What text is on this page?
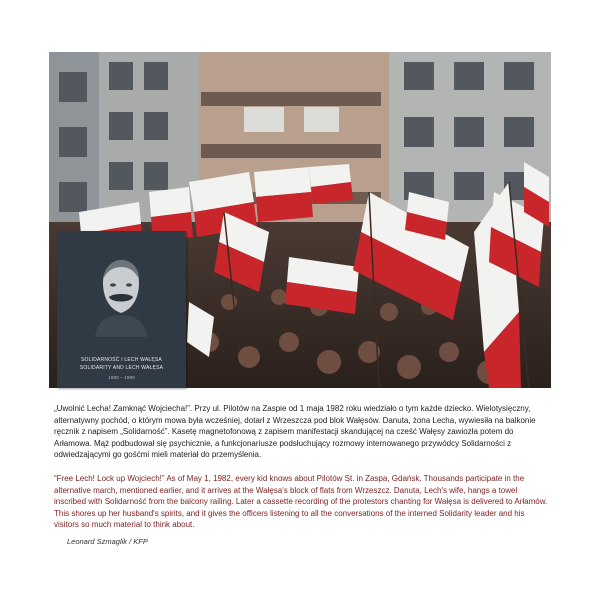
SOLIDARNOŚĆ I LECH WAŁĘSA
SOLIDARITY AND LECH WAŁĘSA
1980 – 1990
„Uwolnić Lecha! Zamknąć Wojciecha!”. Przy ul. Pilotów na Zaspie od 1 maja 1982 roku wiedziało o tym każde dziecko. Wielotysięczny, alternatywny pochód, o którym mowa była wcześniej, dotarł z Wrzeszcza pod blok Wałęsów. Danuta, żona Lecha, wywiesiła na balkonie ręcznik z napisem „Solidarność”. Kasetę magnetofonową z zapisem manifestacji skandującej na cześć Wałęsy zawiozła potem do Arłamowa. Mąż podbudował się psychicznie, a funkcjonariusze podsłuchujący rozmowy internowanego przywódcy Solidarności z odwiedzającymi go gośćmi mieli materiał do przemyślenia.
“Free Lech! Lock up Wojciech!” As of May 1, 1982, every kid knows about Pilotów St. in Zaspa, Gdańsk. Thousands participate in the alternative march, mentioned earlier, and it arrives at the Wałęsa's block of flats from Wrzeszcz. Danuta, Lech's wife, hangs a towel inscribed with Solidarność from the balcony railing. Later a cassette recording of the protestors chanting for Wałęsa is delivered to Arłamów. This shores up her husband's spirits, and it gives the officers listening to all the conversations of the interned Solidarity leader and his visitors so much material to think about.
Leonard Szmaglik / KFP
